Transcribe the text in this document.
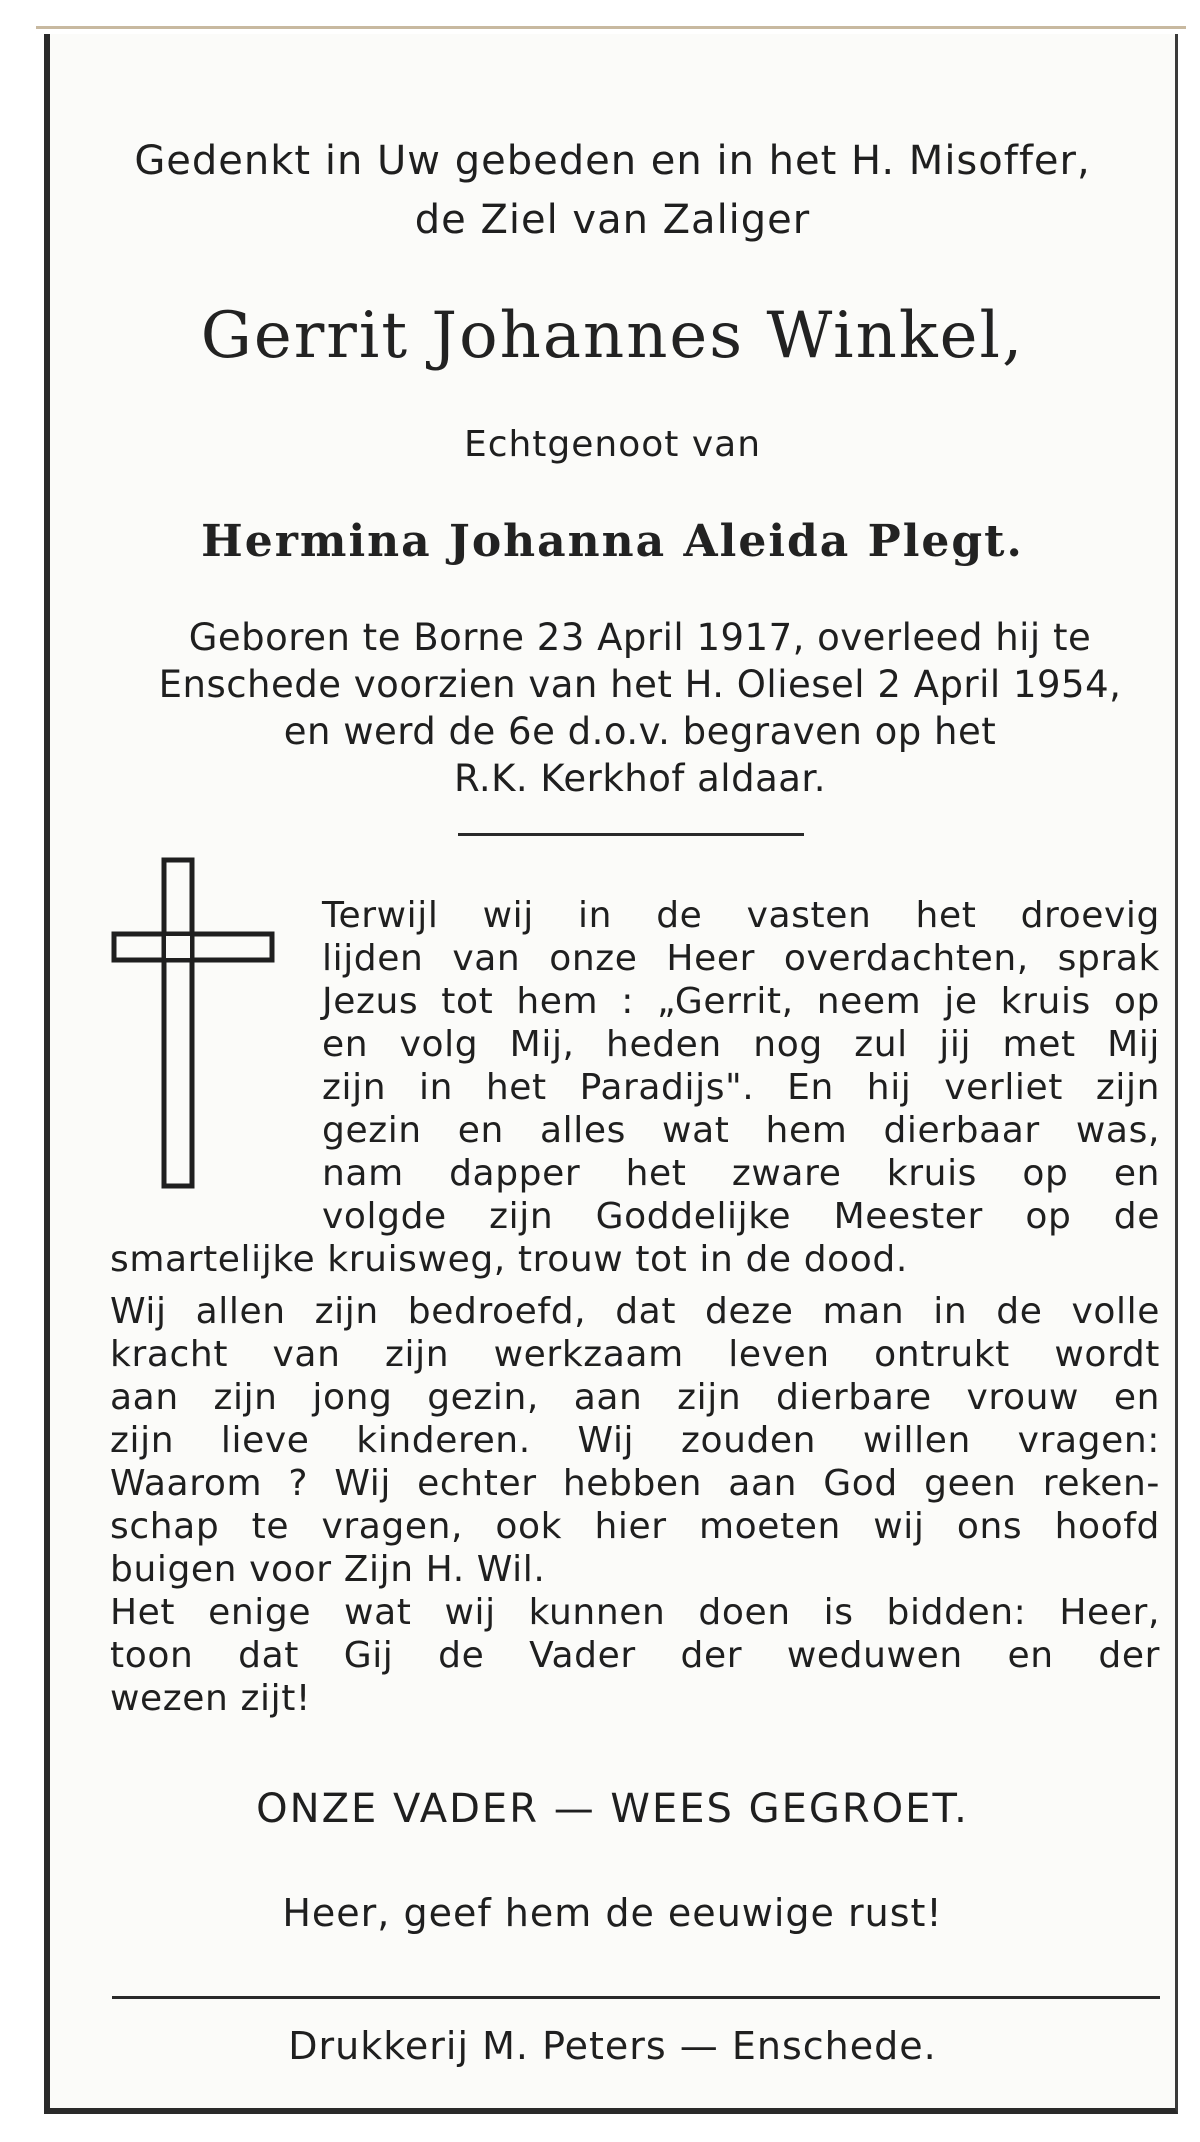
Gedenkt in Uw gebeden en in het H. Misoffer,
de Ziel van Zaliger
Gerrit Johannes Winkel,
Echtgenoot van
Hermina Johanna Aleida Plegt.
Geboren te Borne 23 April 1917, overleed hij te
Enschede voorzien van het H. Oliesel 2 April 1954,
en werd de 6e d.o.v. begraven op het
R.K. Kerkhof aldaar.
Terwijl wij in de vasten het droevig
lijden van onze Heer overdachten, sprak
Jezus tot hem : „Gerrit, neem je kruis op
en volg Mij, heden nog zul jij met Mij
zijn in het Paradijs". En hij verliet zijn
gezin en alles wat hem dierbaar was,
nam dapper het zware kruis op en
volgde zijn Goddelijke Meester op de
smartelijke kruisweg, trouw tot in de dood.
Wij allen zijn bedroefd, dat deze man in de volle
kracht van zijn werkzaam leven ontrukt wordt
aan zijn jong gezin, aan zijn dierbare vrouw en
zijn lieve kinderen. Wij zouden willen vragen:
Waarom ? Wij echter hebben aan God geen reken-
schap te vragen, ook hier moeten wij ons hoofd
buigen voor Zijn H. Wil.
Het enige wat wij kunnen doen is bidden: Heer,
toon dat Gij de Vader der weduwen en der
wezen zijt!
ONZE VADER — WEES GEGROET.
Heer, geef hem de eeuwige rust!
Drukkerij M. Peters — Enschede.
